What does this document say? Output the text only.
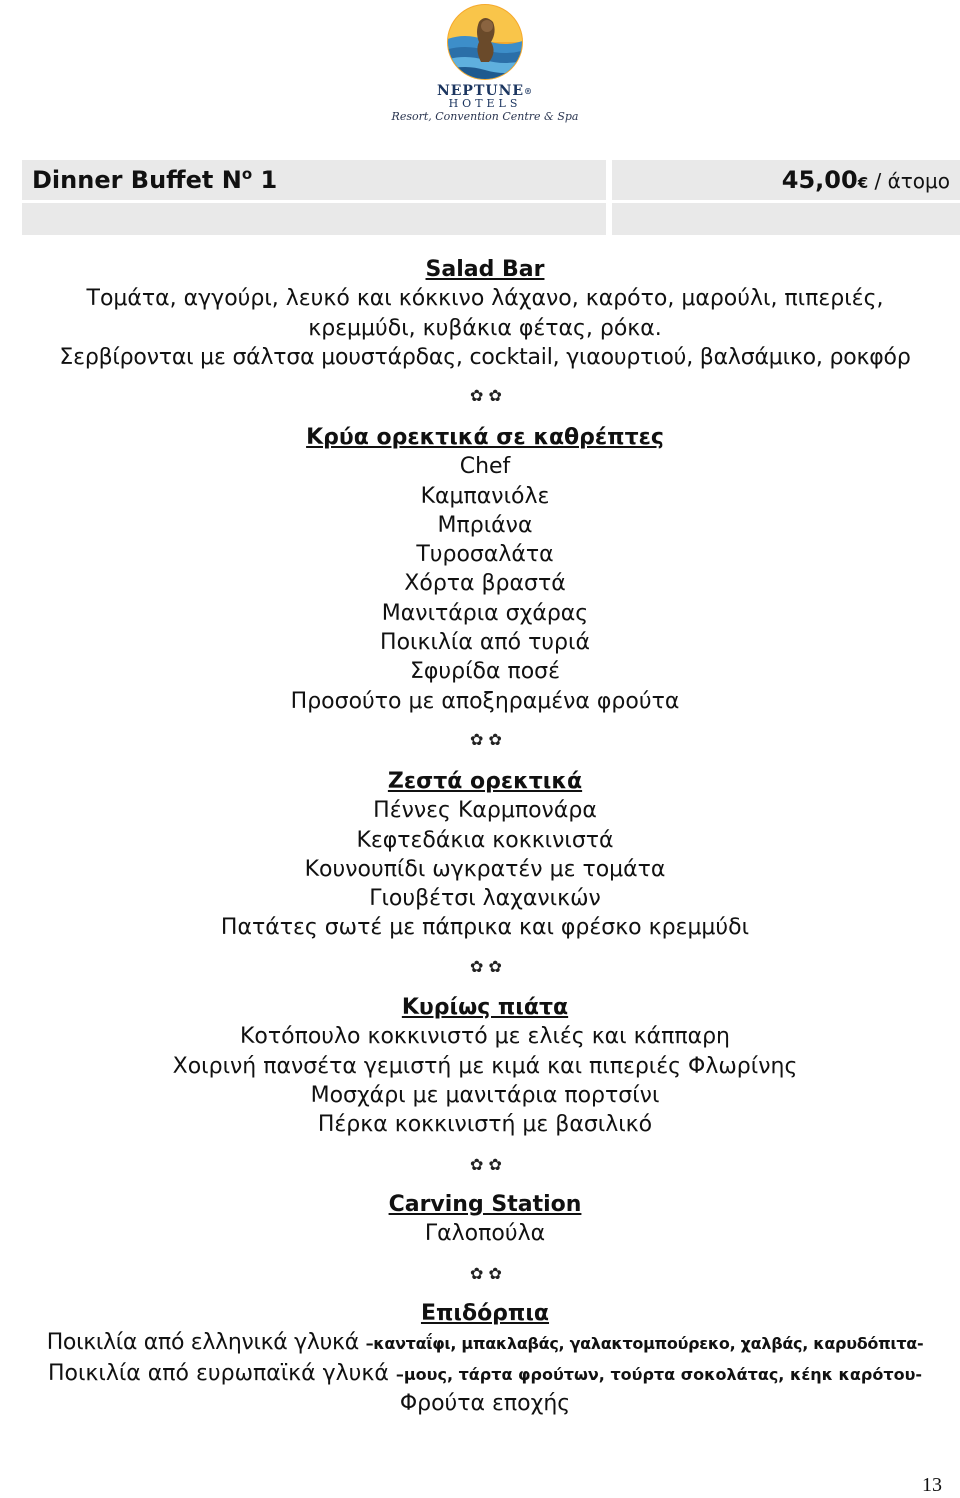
NEPTUNE®
HOTELS
Resort, Convention Centre & Spa
Dinner Buffet $N^o$ 1	45,00€ / άτομο
Salad Bar
Τομάτα, αγγούρι, λευκό και κόκκινο λάχανο, καρότο, μαρούλι, πιπεριές,
κρεμμύδι, κυβάκια φέτας, ρόκα.
Σερβίρονται με σάλτσα μουστάρδας, cocktail, γιαουρτιού, βαλσάμικο, ροκφόρ
✿ ✿
Κρύα ορεκτικά σε καθρέπτες
Chef
Καμπανιόλε
Μπριάνα
Τυροσαλάτα
Χόρτα βραστά
Μανιτάρια σχάρας
Ποικιλία από τυριά
Σφυρίδα ποσέ
Προσούτο με αποξηραμένα φρούτα
✿ ✿
Ζεστά ορεκτικά
Πέννες Καρμπονάρα
Κεφτεδάκια κοκκινιστά
Κουνουπίδι ωγκρατέν με τομάτα
Γιουβέτσι λαχανικών
Πατάτες σωτέ με πάπρικα και φρέσκο κρεμμύδι
✿ ✿
Κυρίως πιάτα
Κοτόπουλο κοκκινιστό με ελιές και κάππαρη
Χοιρινή πανσέτα γεμιστή με κιμά και πιπεριές Φλωρίνης
Μοσχάρι με μανιτάρια πορτσίνι
Πέρκα κοκκινιστή με βασιλικό
✿ ✿
Carving Station
Γαλοπούλα
✿ ✿
Επιδόρπια
Ποικιλία από ελληνικά γλυκά –κανταΐφι, μπακλαβάς, γαλακτομπούρεκο, χαλβάς, καρυδόπιτα-
Ποικιλία από ευρωπαϊκά γλυκά –μους, τάρτα φρούτων, τούρτα σοκολάτας, κέηκ καρότου-
Φρούτα εποχής
13
